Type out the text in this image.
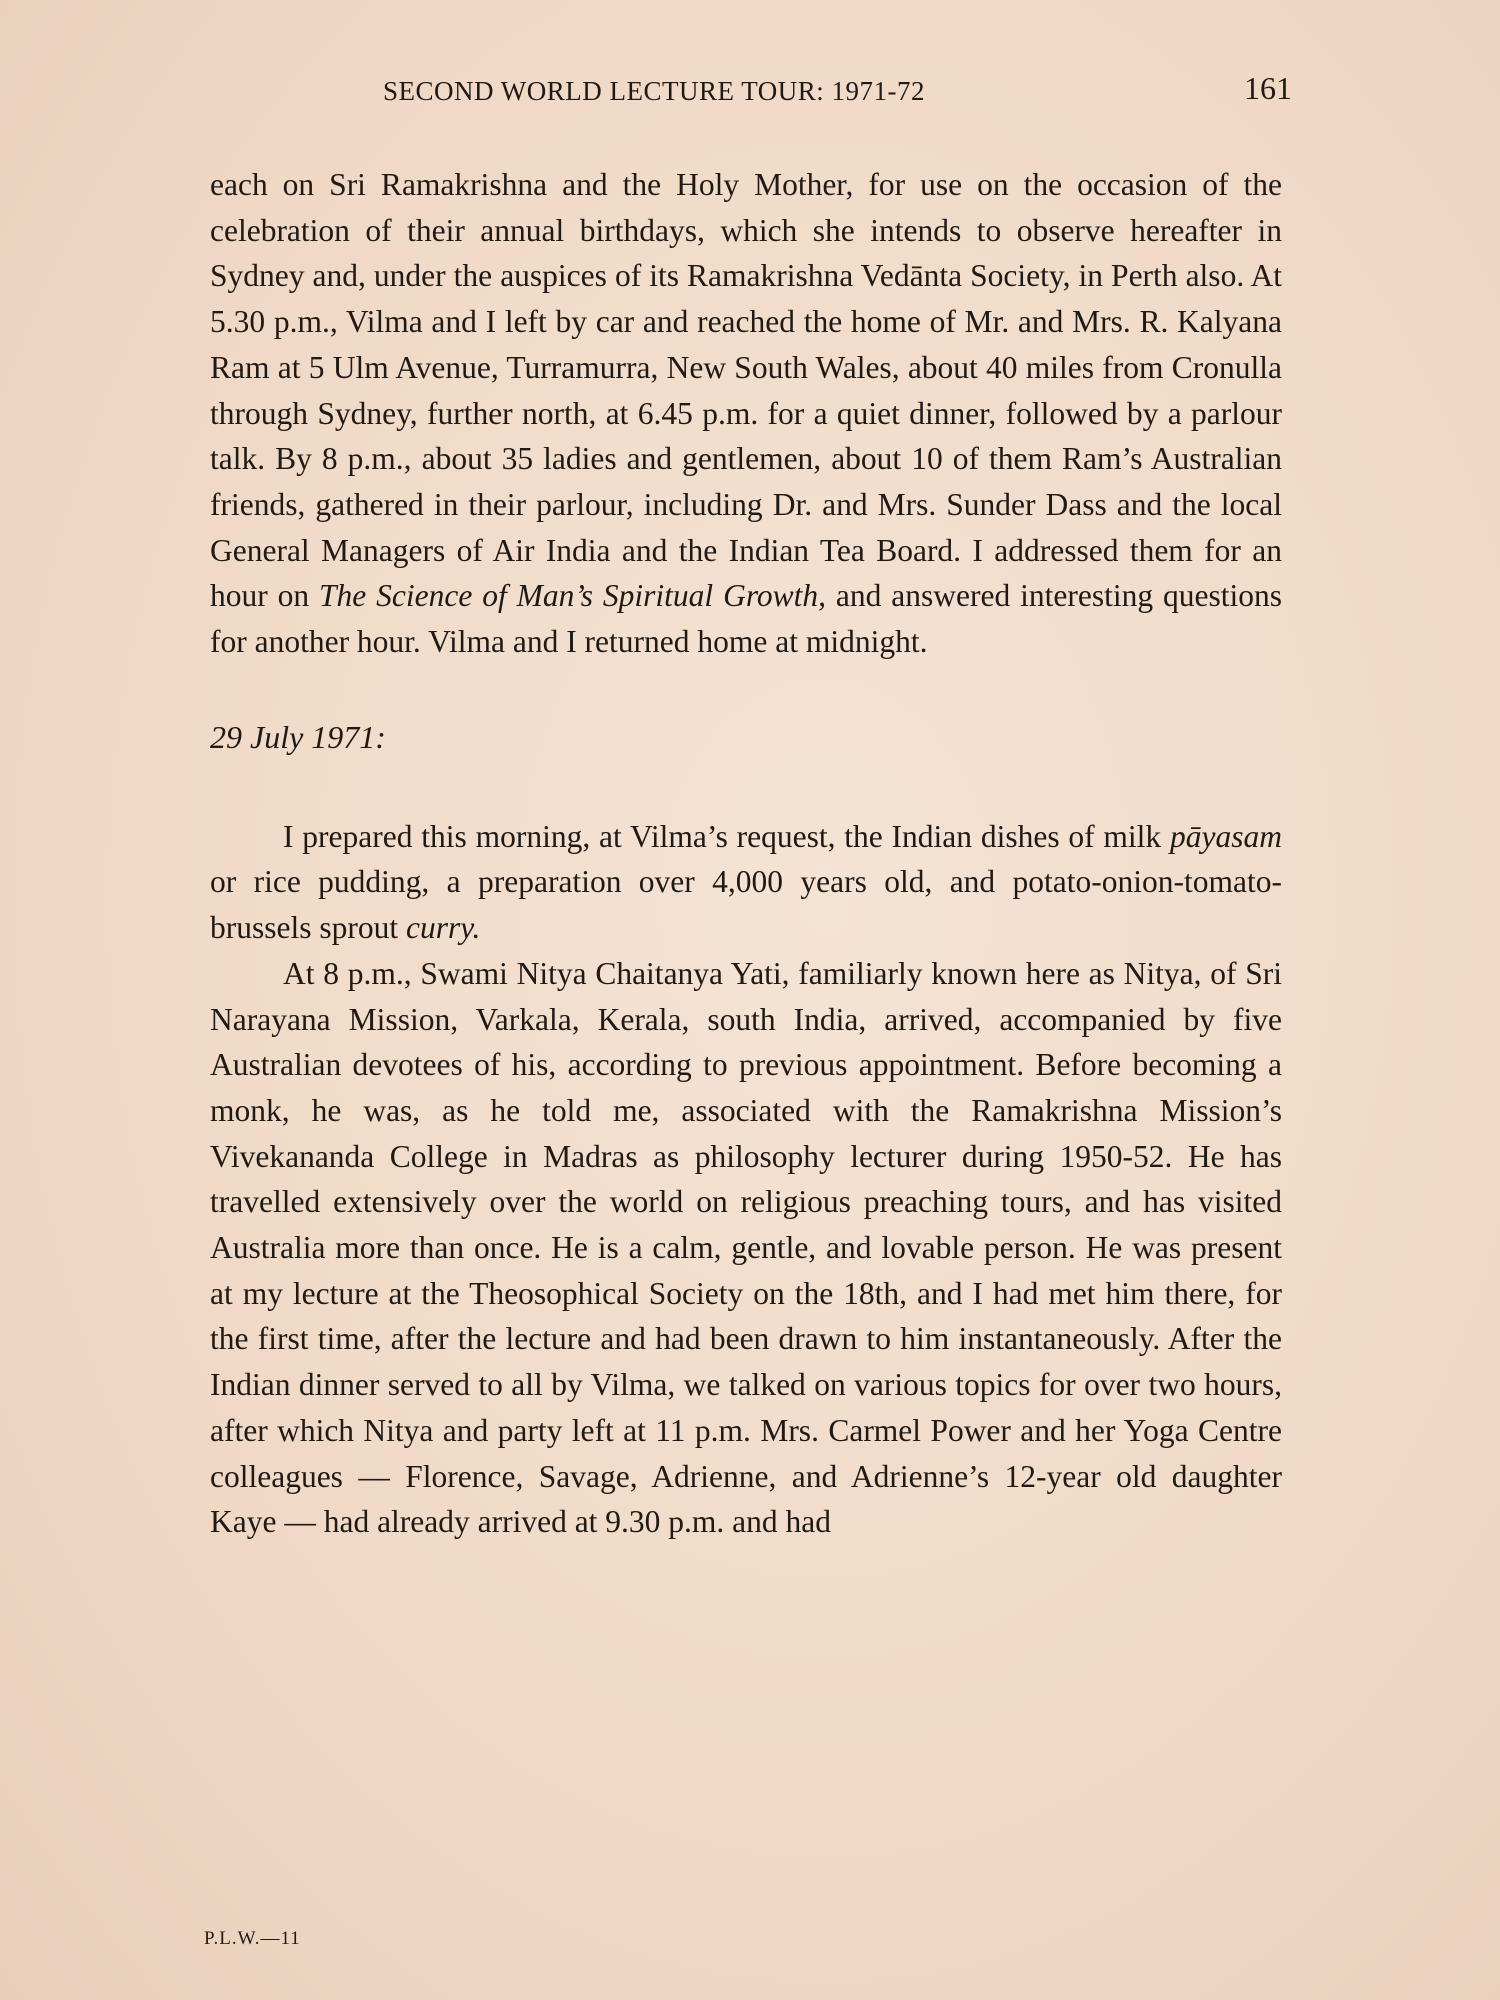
SECOND WORLD LECTURE TOUR: 1971-72	161

each on Sri Ramakrishna and the Holy Mother, for use on the occasion of the celebration of their annual birthdays, which she intends to observe hereafter in Sydney and, under the auspices of its Ramakrishna Vedānta Society, in Perth also. At 5.30 p.m., Vilma and I left by car and reached the home of Mr. and Mrs. R. Kalyana Ram at 5 Ulm Avenue, Turramurra, New South Wales, about 40 miles from Cronulla through Sydney, further north, at 6.45 p.m. for a quiet dinner, followed by a parlour talk. By 8 p.m., about 35 ladies and gentlemen, about 10 of them Ram’s Australian friends, gathered in their parlour, including Dr. and Mrs. Sunder Dass and the local General Managers of Air India and the Indian Tea Board. I addressed them for an hour on The Science of Man’s Spiritual Growth, and answered interesting questions for another hour. Vilma and I returned home at midnight.

29 July 1971:

I prepared this morning, at Vilma’s request, the Indian dishes of milk pāyasam or rice pudding, a preparation over 4,000 years old, and potato-onion-tomato-brussels sprout curry.

At 8 p.m., Swami Nitya Chaitanya Yati, familiarly known here as Nitya, of Sri Narayana Mission, Varkala, Kerala, south India, arrived, accompanied by five Australian devotees of his, according to previous appointment. Before becoming a monk, he was, as he told me, associated with the Ramakrishna Mission’s Vivekananda College in Madras as philosophy lecturer during 1950-52. He has travelled extensively over the world on religious preaching tours, and has visited Australia more than once. He is a calm, gentle, and lovable person. He was present at my lecture at the Theosophical Society on the 18th, and I had met him there, for the first time, after the lecture and had been drawn to him instantaneously. After the Indian dinner served to all by Vilma, we talked on various topics for over two hours, after which Nitya and party left at 11 p.m. Mrs. Carmel Power and her Yoga Centre colleagues — Florence, Savage, Adrienne, and Adrienne’s 12-year old daughter Kaye — had already arrived at 9.30 p.m. and had

P.L.W.—11
